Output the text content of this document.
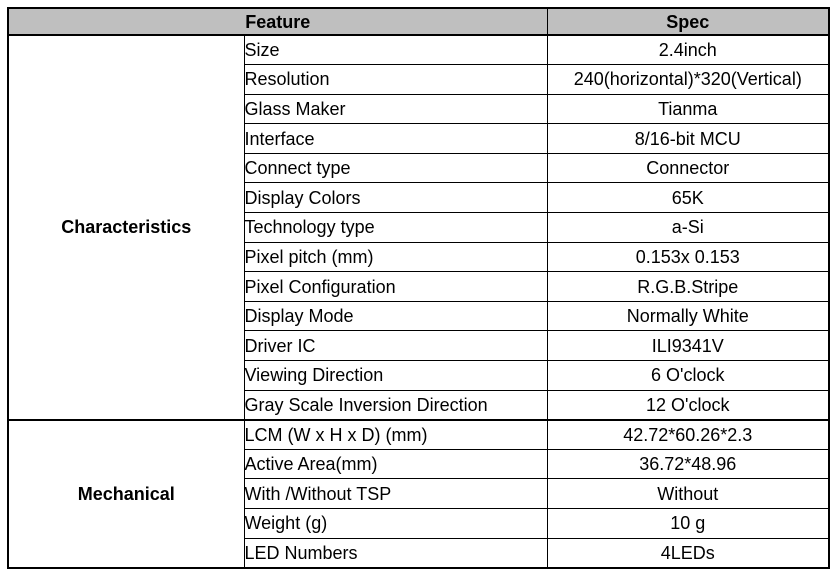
Feature		Spec
Characteristics	Size	2.4inch
	Resolution	240(horizontal)*320(Vertical)
	Glass Maker	Tianma
	Interface	8/16-bit MCU
	Connect type	Connector
	Display Colors	65K
	Technology type	a-Si
	Pixel pitch (mm)	0.153x 0.153
	Pixel Configuration	R.G.B.Stripe
	Display Mode	Normally White
	Driver IC	ILI9341V
	Viewing Direction	6 O'clock
	Gray Scale Inversion Direction	12 O'clock
Mechanical	LCM (W x H x D) (mm)	42.72*60.26*2.3
	Active Area(mm)	36.72*48.96
	With /Without TSP	Without
	Weight (g)	10 g
	LED Numbers	4LEDs
